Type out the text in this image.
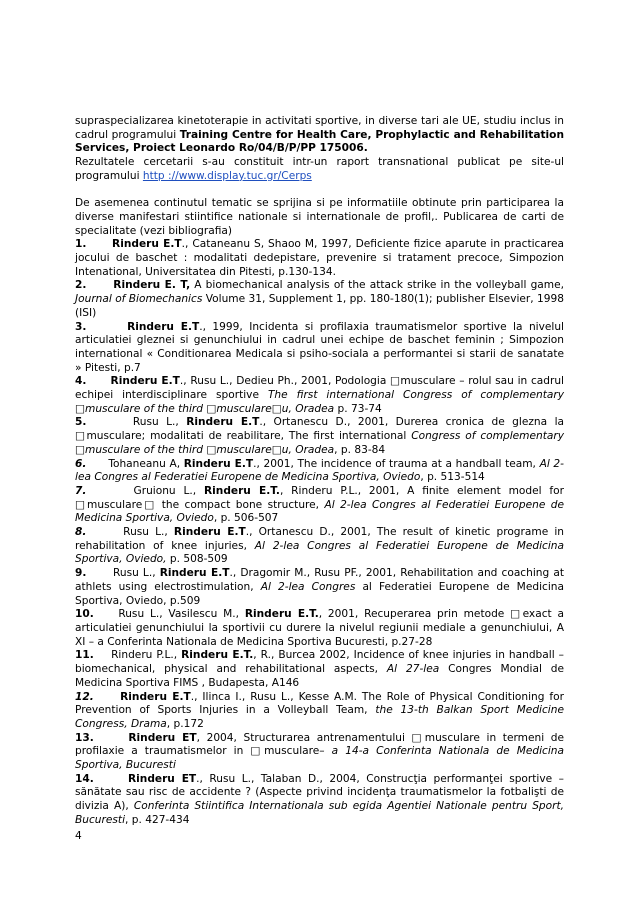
supraspecializarea kinetoterapie in activitati sportive, in diverse tari ale UE, studiu inclus in cadrul programului Training Centre for Health Care, Prophylactic and Rehabilitation Services, Proiect Leonardo Ro/04/B/P/PP 175006.

Rezultatele cercetarii s-au constituit intr-un raport transnational publicat pe site-ul programului http ://www.display.tuc.gr/Cerps

De asemenea continutul tematic se sprijina si pe informatiile obtinute prin participarea la diverse manifestari stiintifice nationale si internationale de profil,. Publicarea de carti de specialitate (vezi bibliografia)

1.      Rinderu E.T., Cataneanu S, Shaoo M, 1997, Deficiente fizice aparute in practicarea jocului de baschet : modalitati dedepistare, prevenire si tratament precoce, Simpozion Intenational, Universitatea din Pitesti, p.130-134.

2.      Rinderu E. T, A biomechanical analysis of the attack strike in the volleyball game, Journal of Biomechanics Volume 31, Supplement 1, pp. 180-180(1); publisher Elsevier, 1998 (ISI)

3.      Rinderu E.T., 1999, Incidenta si profilaxia traumatismelor sportive la nivelul articulatiei gleznei si genunchiului in cadrul unei echipe de baschet feminin ; Simpozion international « Conditionarea Medicala si psiho-sociala a performantei si starii de sanatate » Pitesti, p.7

4.      Rinderu E.T., Rusu L., Dedieu Ph., 2001, Podologia □musculare – rolul sau in cadrul echipei interdisciplinare sportive The first international Congress of complementary □musculare of the third □musculare□u, Oradea p. 73-74

5.      Rusu L., Rinderu E.T., Ortanescu D., 2001, Durerea cronica de glezna la □musculare; modalitati de reabilitare, The first international Congress of complementary □musculare of the third □musculare□u, Oradea, p. 83-84

6.      Tohaneanu A, Rinderu E.T., 2001, The incidence of trauma at a handball team, Al 2-lea Congres al Federatiei Europene de Medicina Sportiva, Oviedo, p. 513-514

7.      Gruionu L., Rinderu E.T., Rinderu P.L., 2001, A finite element model for □musculare□ the compact bone structure, Al 2-lea Congres al Federatiei Europene de Medicina Sportiva, Oviedo, p. 506-507

8.      Rusu L., Rinderu E.T., Ortanescu D., 2001, The result of kinetic programe in rehabilitation of knee injuries, Al 2-lea Congres al Federatiei Europene de Medicina Sportiva, Oviedo, p. 508-509

9.      Rusu L., Rinderu E.T., Dragomir M., Rusu PF., 2001, Rehabilitation and coaching at athlets using electrostimulation, Al 2-lea Congres al Federatiei Europene de Medicina Sportiva, Oviedo, p.509

10.    Rusu L., Vasilescu M., Rinderu E.T., 2001, Recuperarea prin metode □exact a articulatiei genunchiului la sportivii cu durere la nivelul regiunii mediale a genunchiului, A XI – a Conferinta Nationala de Medicina Sportiva Bucuresti, p.27-28

11.    Rinderu P.L., Rinderu E.T., R., Burcea 2002, Incidence of knee injuries in handball – biomechanical, physical and rehabilitational aspects, Al 27-lea Congres Mondial de Medicina Sportiva FIMS , Budapesta, A146

12. Rinderu E.T., Ilinca I., Rusu L., Kesse A.M. The Role of Physical Conditioning for Prevention of Sports Injuries in a Volleyball Team, the 13-th Balkan Sport Medicine Congress, Drama, p.172

13.     Rinderu ET, 2004, Structurarea antrenamentului □musculare in termeni de profilaxie a traumatismelor in □musculare– a 14-a Conferinta Nationala de Medicina Sportiva, Bucuresti

14.     Rinderu ET., Rusu L., Talaban D., 2004, Construcţia performanţei sportive – sănătate sau risc de accidente ? (Aspecte privind incidenţa traumatismelor la fotbalişti de divizia A), Conferinta Stiintifica Internationala sub egida Agentiei Nationale pentru Sport, Bucuresti, p. 427-434

4
